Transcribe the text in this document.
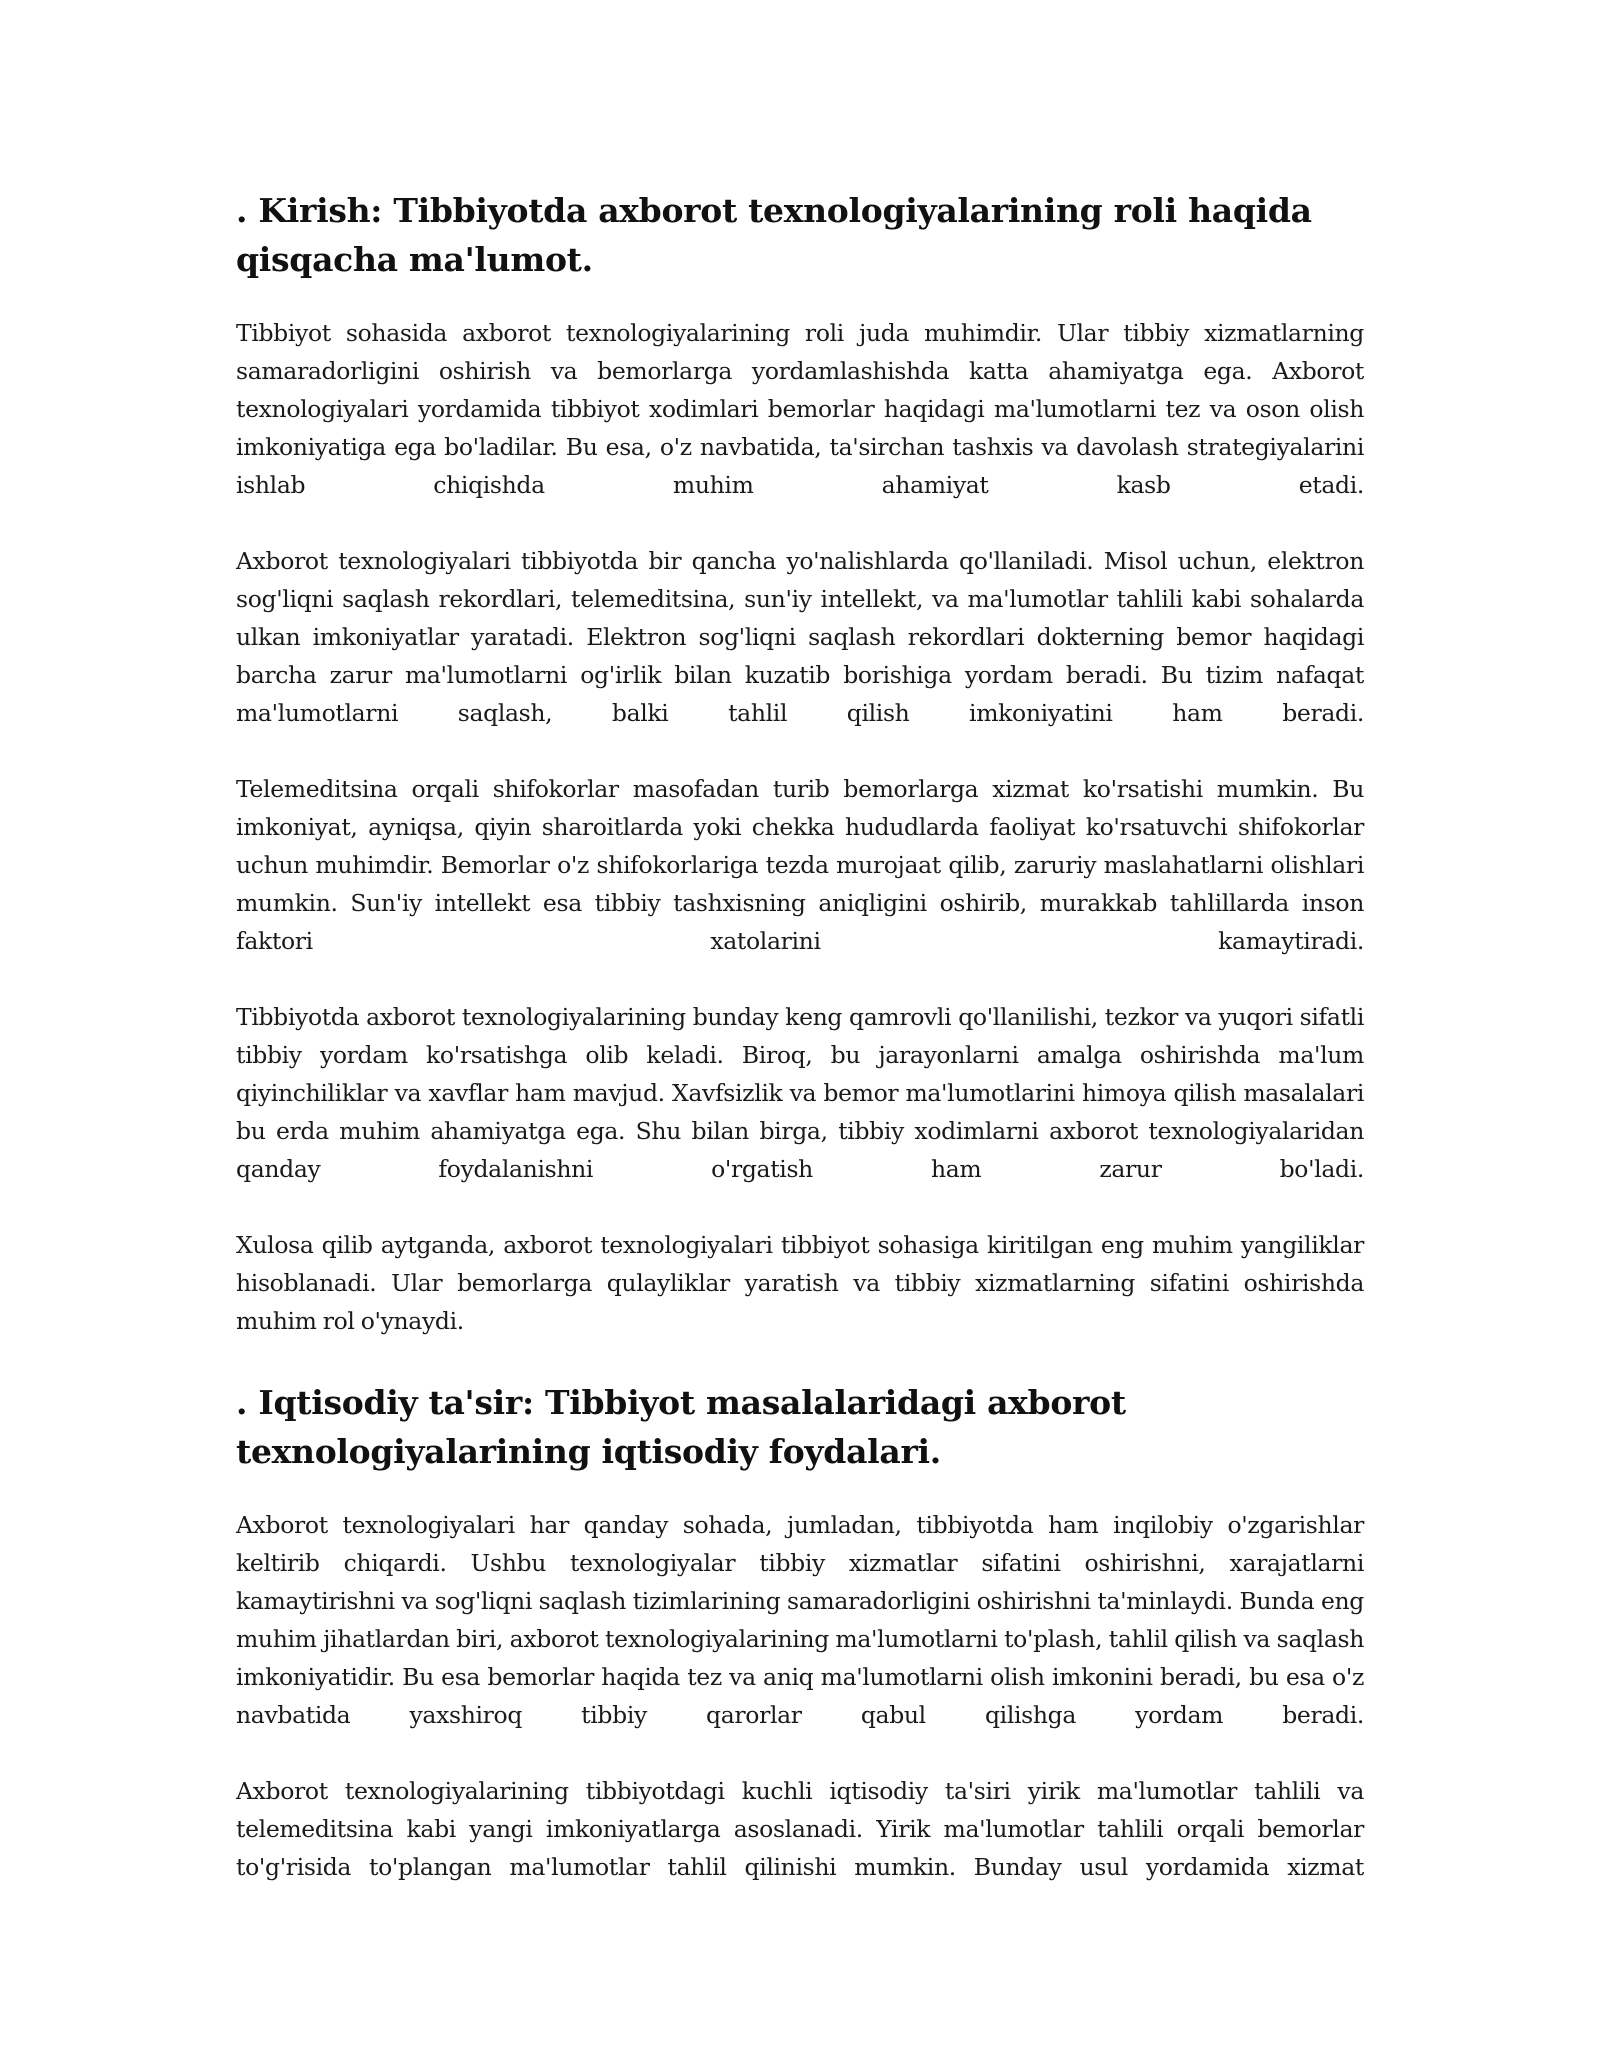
. Kirish: Tibbiyotda axborot texnologiyalarining roli haqida qisqacha ma'lumot.

Tibbiyot sohasida axborot texnologiyalarining roli juda muhimdir. Ular tibbiy xizmatlarning samaradorligini oshirish va bemorlarga yordamlashishda katta ahamiyatga ega. Axborot texnologiyalari yordamida tibbiyot xodimlari bemorlar haqidagi ma'lumotlarni tez va oson olish imkoniyatiga ega bo'ladilar. Bu esa, o'z navbatida, ta'sirchan tashxis va davolash strategiyalarini ishlab chiqishda muhim ahamiyat kasb etadi.

Axborot texnologiyalari tibbiyotda bir qancha yo'nalishlarda qo'llaniladi. Misol uchun, elektron sog'liqni saqlash rekordlari, telemeditsina, sun'iy intellekt, va ma'lumotlar tahlili kabi sohalarda ulkan imkoniyatlar yaratadi. Elektron sog'liqni saqlash rekordlari dokterning bemor haqidagi barcha zarur ma'lumotlarni og'irlik bilan kuzatib borishiga yordam beradi. Bu tizim nafaqat ma'lumotlarni saqlash, balki tahlil qilish imkoniyatini ham beradi.

Telemeditsina orqali shifokorlar masofadan turib bemorlarga xizmat ko'rsatishi mumkin. Bu imkoniyat, ayniqsa, qiyin sharoitlarda yoki chekka hududlarda faoliyat ko'rsatuvchi shifokorlar uchun muhimdir. Bemorlar o'z shifokorlariga tezda murojaat qilib, zaruriy maslahatlarni olishlari mumkin. Sun'iy intellekt esa tibbiy tashxisning aniqligini oshirib, murakkab tahlillarda inson faktori xatolarini kamaytiradi.

Tibbiyotda axborot texnologiyalarining bunday keng qamrovli qo'llanilishi, tezkor va yuqori sifatli tibbiy yordam ko'rsatishga olib keladi. Biroq, bu jarayonlarni amalga oshirishda ma'lum qiyinchiliklar va xavflar ham mavjud. Xavfsizlik va bemor ma'lumotlarini himoya qilish masalalari bu erda muhim ahamiyatga ega. Shu bilan birga, tibbiy xodimlarni axborot texnologiyalaridan qanday foydalanishni o'rgatish ham zarur bo'ladi.

Xulosa qilib aytganda, axborot texnologiyalari tibbiyot sohasiga kiritilgan eng muhim yangiliklar hisoblanadi. Ular bemorlarga qulayliklar yaratish va tibbiy xizmatlarning sifatini oshirishda muhim rol o'ynaydi.

. Iqtisodiy ta'sir: Tibbiyot masalalaridagi axborot texnologiyalarining iqtisodiy foydalari.

Axborot texnologiyalari har qanday sohada, jumladan, tibbiyotda ham inqilobiy o'zgarishlar keltirib chiqardi. Ushbu texnologiyalar tibbiy xizmatlar sifatini oshirishni, xarajatlarni kamaytirishni va sog'liqni saqlash tizimlarining samaradorligini oshirishni ta'minlaydi. Bunda eng muhim jihatlardan biri, axborot texnologiyalarining ma'lumotlarni to'plash, tahlil qilish va saqlash imkoniyatidir. Bu esa bemorlar haqida tez va aniq ma'lumotlarni olish imkonini beradi, bu esa o'z navbatida yaxshiroq tibbiy qarorlar qabul qilishga yordam beradi.

Axborot texnologiyalarining tibbiyotdagi kuchli iqtisodiy ta'siri yirik ma'lumotlar tahlili va telemeditsina kabi yangi imkoniyatlarga asoslanadi. Yirik ma'lumotlar tahlili orqali bemorlar to'g'risida to'plangan ma'lumotlar tahlil qilinishi mumkin. Bunday usul yordamida xizmat
